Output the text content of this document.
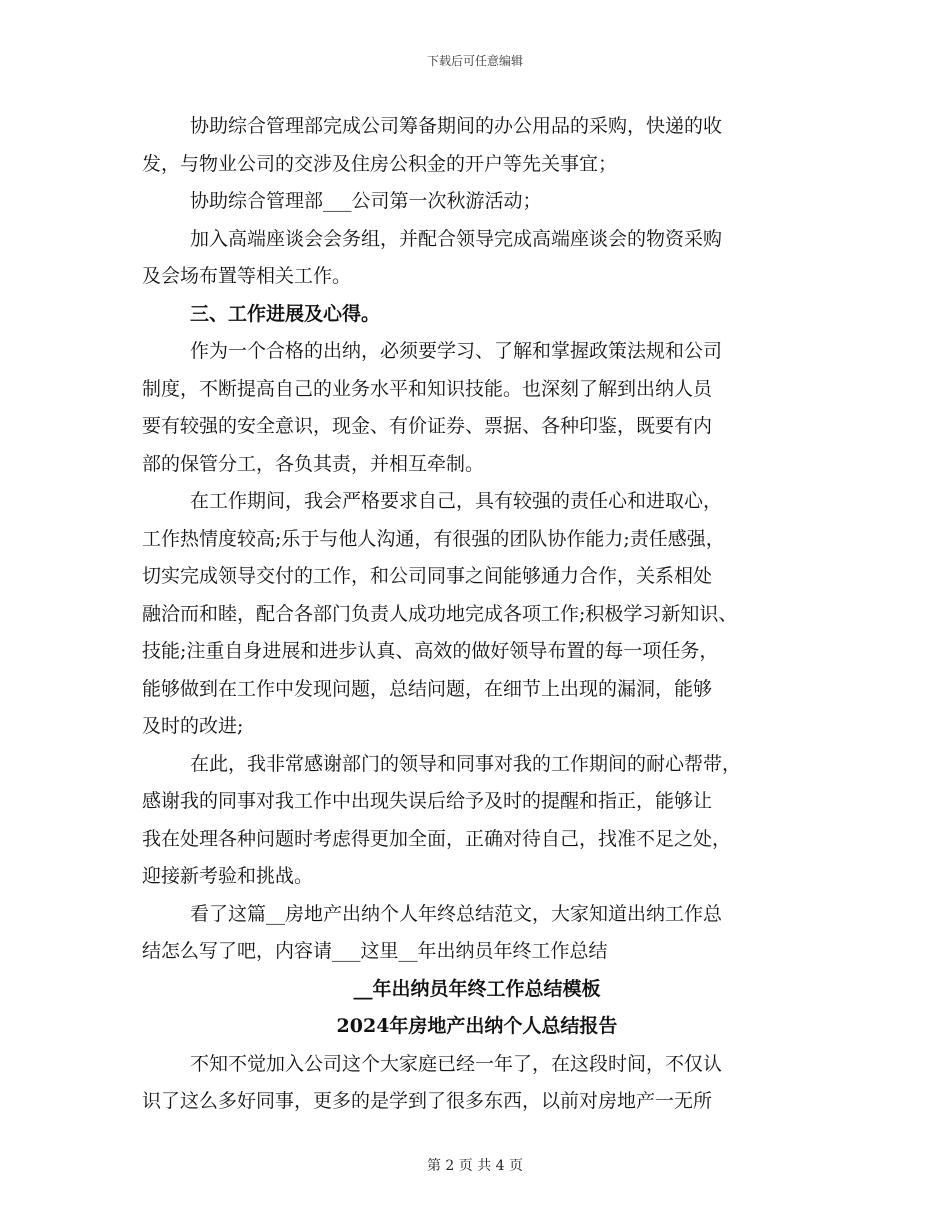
下载后可任意编辑
协助综合管理部完成公司筹备期间的办公用品的采购，快递的收
发，与物业公司的交涉及住房公积金的开户等先关事宜；
协助综合管理部___公司第一次秋游活动；
加入高端座谈会会务组，并配合领导完成高端座谈会的物资采购
及会场布置等相关工作。
三、工作进展及心得。
作为一个合格的出纳，必须要学习、了解和掌握政策法规和公司
制度，不断提高自己的业务水平和知识技能。也深刻了解到出纳人员
要有较强的安全意识，现金、有价证券、票据、各种印鉴，既要有内
部的保管分工，各负其责，并相互牵制。
在工作期间，我会严格要求自己，具有较强的责任心和进取心，
工作热情度较高;乐于与他人沟通，有很强的团队协作能力;责任感强，
切实完成领导交付的工作，和公司同事之间能够通力合作，关系相处
融洽而和睦，配合各部门负责人成功地完成各项工作;积极学习新知识、
技能;注重自身进展和进步认真、高效的做好领导布置的每一项任务，
能够做到在工作中发现问题，总结问题，在细节上出现的漏洞，能够
及时的改进;
在此，我非常感谢部门的领导和同事对我的工作期间的耐心帮带，
感谢我的同事对我工作中出现失误后给予及时的提醒和指正，能够让
我在处理各种问题时考虑得更加全面，正确对待自己，找准不足之处，
迎接新考验和挑战。
看了这篇__房地产出纳个人年终总结范文，大家知道出纳工作总
结怎么写了吧，内容请___这里__年出纳员年终工作总结
__年出纳员年终工作总结模板
2024年房地产出纳个人总结报告
不知不觉加入公司这个大家庭已经一年了，在这段时间，不仅认
识了这么多好同事，更多的是学到了很多东西，以前对房地产一无所
第 2 页 共 4 页
